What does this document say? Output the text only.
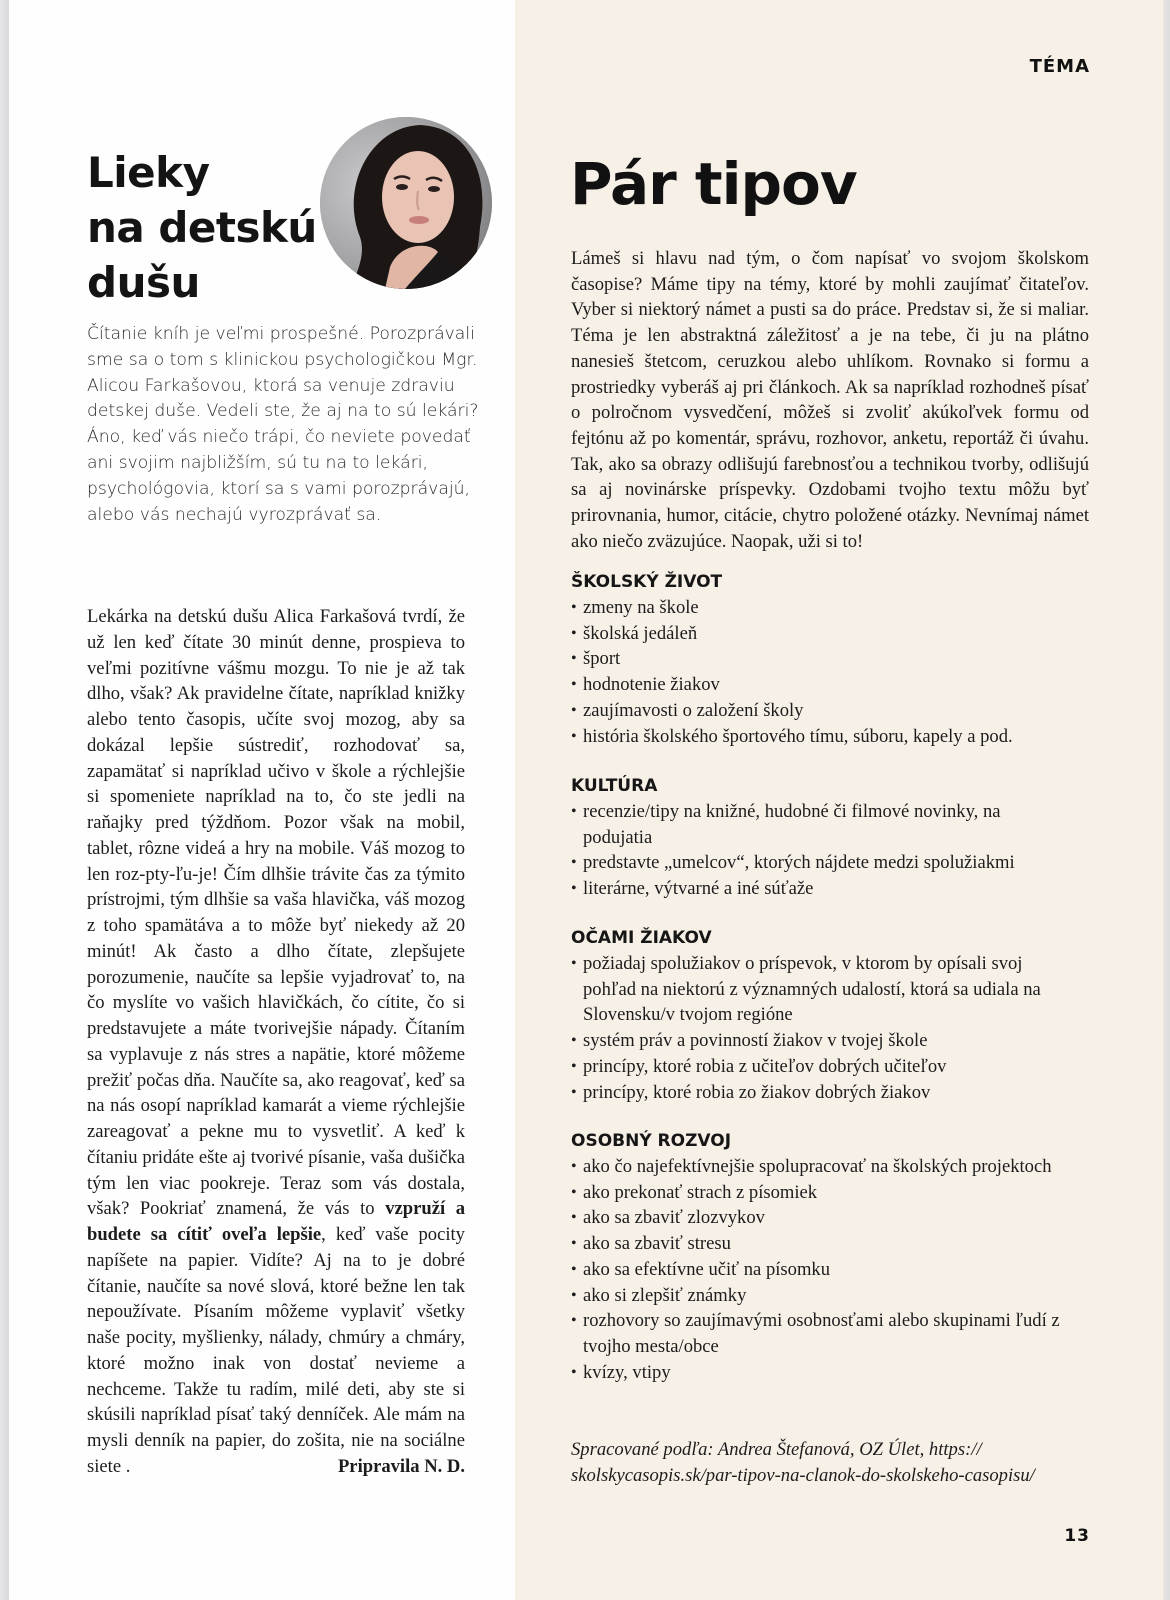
Lieky
na detskú
dušu

Čítanie kníh je veľmi prospešné. Porozprávali sme sa o tom s klinickou psychologičkou Mgr. Alicou Farkašovou, ktorá sa venuje zdraviu detskej duše. Vedeli ste, že aj na to sú lekári? Áno, keď vás niečo trápi, čo neviete povedať ani svojim najbližším, sú tu na to lekári, psychológovia, ktorí sa s vami porozprávajú, alebo vás nechajú vyrozprávať sa.

Lekárka na detskú dušu Alica Farkašová tvrdí, že už len keď čítate 30 minút denne, prospieva to veľmi pozitívne vášmu mozgu. To nie je až tak dlho, však? Ak pravidelne čítate, napríklad knižky alebo tento časopis, učíte svoj mozog, aby sa dokázal lepšie sústrediť, rozhodovať sa, zapamätať si napríklad učivo v škole a rýchlejšie si spomeniete napríklad na to, čo ste jedli na raňajky pred týždňom. Pozor však na mobil, tablet, rôzne videá a hry na mobile. Váš mozog to len roz-pty-ľu-je! Čím dlhšie trávite čas za týmito prístrojmi, tým dlhšie sa vaša hlavička, váš mozog z toho spamätáva a to môže byť niekedy až 20 minút! Ak často a dlho čítate, zlepšujete porozumenie, naučíte sa lepšie vyjadrovať to, na čo myslíte vo vašich hlavičkách, čo cítite, čo si predstavujete a máte tvorivejšie nápady. Čítaním sa vyplavuje z nás stres a napätie, ktoré môžeme prežiť počas dňa. Naučíte sa, ako reagovať, keď sa na nás osopí napríklad kamarát a vieme rýchlejšie zareagovať a pekne mu to vysvetliť. A keď k čítaniu pridáte ešte aj tvorivé písanie, vaša dušička tým len viac pookreje. Teraz som vás dostala, však? Pookriať znamená, že vás to vzpruží a budete sa cítiť oveľa lepšie, keď vaše pocity napíšete na papier. Vidíte? Aj na to je dobré čítanie, naučíte sa nové slová, ktoré bežne len tak nepoužívate. Písaním môžeme vyplaviť všetky naše pocity, myšlienky, nálady, chmúry a chmáry, ktoré možno inak von dostať nevieme a nechceme. Takže tu radím, milé deti, aby ste si skúsili napríklad písať taký denníček. Ale mám na mysli denník na papier, do zošita, nie na sociálne siete .	Pripravila N. D.

TÉMA
Pár tipov

Lámeš si hlavu nad tým, o čom napísať vo svojom školskom časopise? Máme tipy na témy, ktoré by mohli zaujímať čitateľov. Vyber si niektorý námet a pusti sa do práce. Predstav si, že si maliar. Téma je len abstraktná záležitosť a je na tebe, či ju na plátno nanesieš štetcom, ceruzkou alebo uhlíkom. Rovnako si formu a prostriedky vyberáš aj pri článkoch. Ak sa napríklad rozhodneš písať o polročnom vysvedčení, môžeš si zvoliť akúkoľvek formu od fejtónu až po komentár, správu, rozhovor, anketu, reportáž či úvahu. Tak, ako sa obrazy odlišujú farebnosťou a technikou tvorby, odlišujú sa aj novinárske príspevky. Ozdobami tvojho textu môžu byť prirovnania, humor, citácie, chytro položené otázky. Nevnímaj námet ako niečo zväzujúce. Naopak, uži si to!

ŠKOLSKÝ ŽIVOT
• zmeny na škole
• školská jedáleň
• šport
• hodnotenie žiakov
• zaujímavosti o založení školy
• história školského športového tímu, súboru, kapely a pod.
KULTÚRA
• recenzie/tipy na knižné, hudobné či filmové novinky, na podujatia
• predstavte „umelcov“, ktorých nájdete medzi spolužiakmi
• literárne, výtvarné a iné súťaže
OČAMI ŽIAKOV
• požiadaj spolužiakov o príspevok, v ktorom by opísali svoj pohľad na niektorú z významných udalostí, ktorá sa udiala na Slovensku/v tvojom regióne
• systém práv a povinností žiakov v tvojej škole
• princípy, ktoré robia z učiteľov dobrých učiteľov
• princípy, ktoré robia zo žiakov dobrých žiakov
OSOBNÝ ROZVOJ
• ako čo najefektívnejšie spolupracovať na školských projektoch
• ako prekonať strach z písomiek
• ako sa zbaviť zlozvykov
• ako sa zbaviť stresu
• ako sa efektívne učiť na písomku
• ako si zlepšiť známky
• rozhovory so zaujímavými osobnosťami alebo skupinami ľudí z tvojho mesta/obce
• kvízy, vtipy
Spracované podľa: Andrea Štefanová, OZ Úlet, https:// skolskycasopis.sk/par-tipov-na-clanok-do-skolskeho-casopisu/
13
